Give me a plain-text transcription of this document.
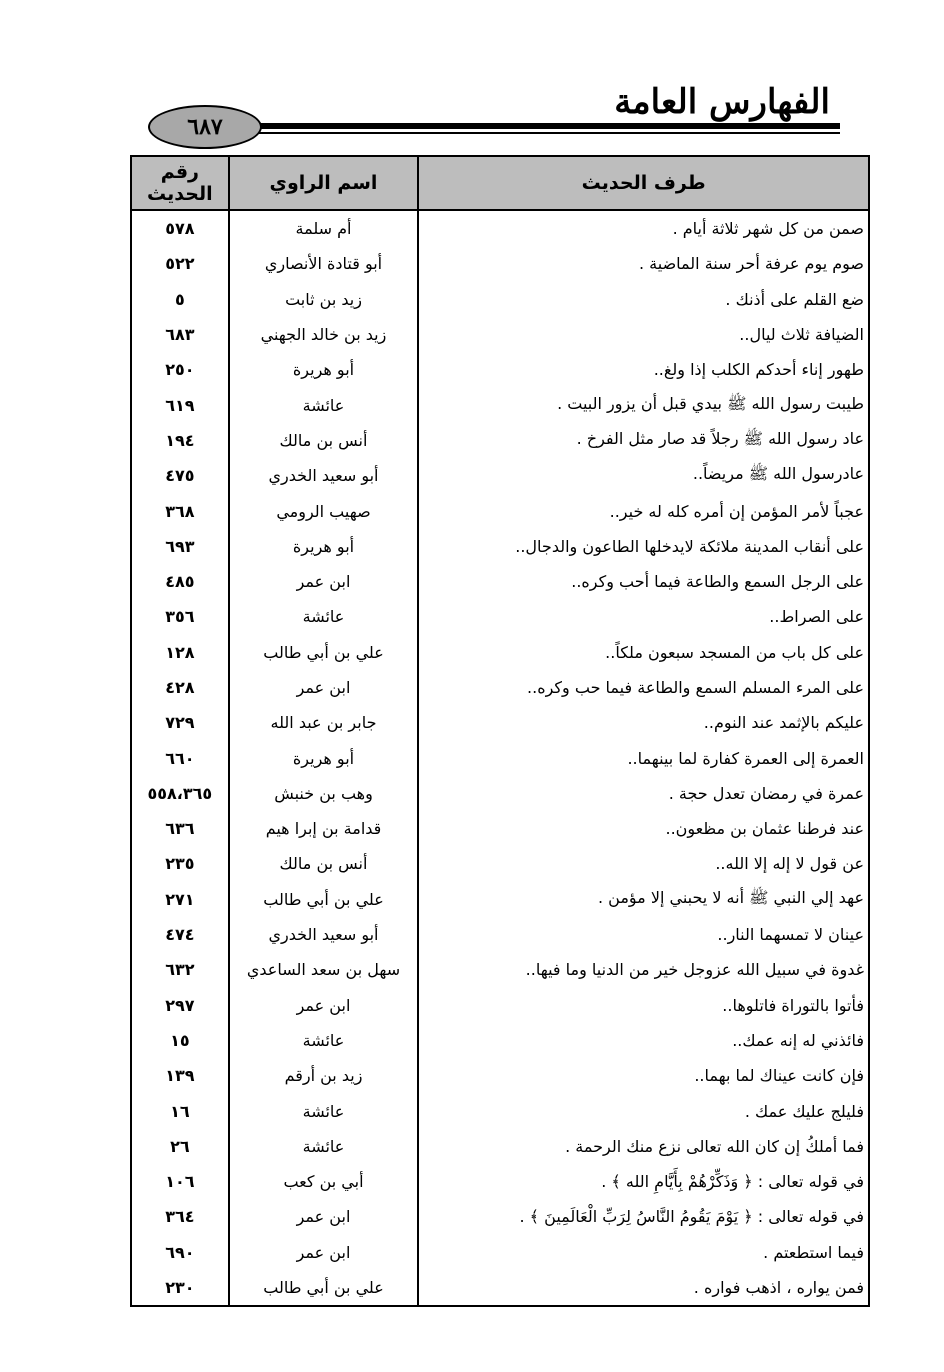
الفهارس العامة
٦٨٧
طرف الحديث	اسم الراوي	رقم الحديث
صمن من كل شهر ثلاثة أيام .	أم سلمة	٥٧٨
صوم يوم عرفة أحر سنة الماضية .	أبو قتادة الأنصاري	٥٢٢
ضع القلم على أذنك .	زيد بن ثابت	٥
الضيافة ثلاث ليال..	زيد بن خالد الجهني	٦٨٣
طهور إناء أحدكم الكلب إذا ولغ..	أبو هريرة	٢٥٠
طيبت رسول الله ﷺ بيدي قبل أن يزور البيت .	عائشة	٦١٩
عاد رسول الله ﷺ رجلاً قد صار مثل الفرخ .	أنس بن مالك	١٩٤
عادرسول الله ﷺ مريضاً..	أبو سعيد الخدري	٤٧٥
عجباً لأمر المؤمن إن أمره كله له خير..	صهيب الرومي	٣٦٨
على أنقاب المدينة ملائكة لايدخلها الطاعون والدجال..	أبو هريرة	٦٩٣
على الرجل السمع والطاعة فيما أحب وكره..	ابن عمر	٤٨٥
على الصراط..	عائشة	٣٥٦
على كل باب من المسجد سبعون ملكاً..	علي بن أبي طالب	١٢٨
على المرء المسلم السمع والطاعة فيما حب وكره..	ابن عمر	٤٢٨
عليكم بالإثمد عند النوم..	جابر بن عبد الله	٧٢٩
العمرة إلى العمرة كفارة لما بينهما..	أبو هريرة	٦٦٠
عمرة في رمضان تعدل حجة .	وهب بن خنبش	٥٥٨،٣٦٥
عند فرطنا عثمان بن مظعون..	قدامة بن إبرا هيم	٦٣٦
عن قول لا إله إلا الله..	أنس بن مالك	٢٣٥
عهد إلي النبي ﷺ أنه لا يحبني إلا مؤمن .	علي بن أبي طالب	٢٧١
عينان لا تمسهما النار..	أبو سعيد الخدري	٤٧٤
غدوة في سبيل الله عزوجل خير من الدنيا وما فيها..	سهل بن سعد الساعدي	٦٣٢
فأتوا بالتوراة فاتلوها..	ابن عمر	٢٩٧
فائذني له إنه عمك..	عائشة	١٥
فإن كانت عيناك لما بهما..	زيد بن أرقم	١٣٩
فليلج عليك عمك .	عائشة	١٦
فما أملكُ إن كان الله تعالى نزع منك الرحمة .	عائشة	٢٦
في قوله تعالى : ﴿ وَذَكِّرْهُمْ بِأَيَّامِ الله ﴾ .	أبي بن كعب	١٠٦
في قوله تعالى : ﴿ يَوْمَ يَقُومُ النَّاسُ لِرَبِّ الْعَالَمِينَ ﴾ .	ابن عمر	٣٦٤
فيما استطعتم .	ابن عمر	٦٩٠
فمن يواره ، اذهب فواره .	علي بن أبي طالب	٢٣٠
